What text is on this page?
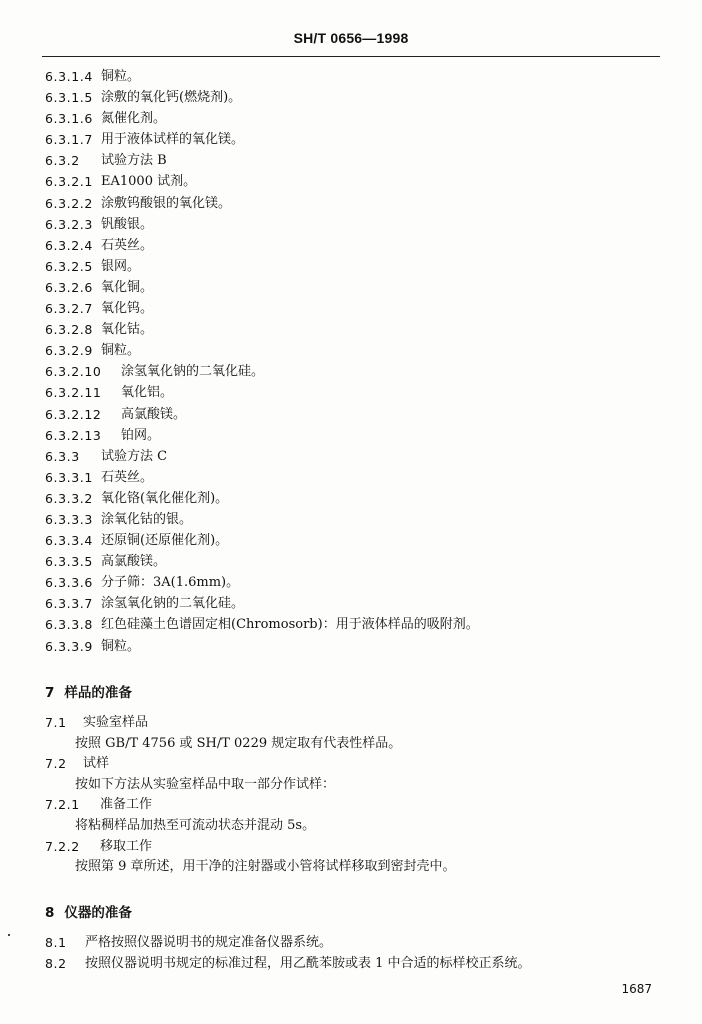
SH/T 0656—1998
6.3.1.4 铜粒。
6.3.1.5 涂敷的氧化钙(燃烧剂)。
6.3.1.6 氮催化剂。
6.3.1.7 用于液体试样的氧化镁。
6.3.2 试验方法 B
6.3.2.1 EA1000 试剂。
6.3.2.2 涂敷钨酸银的氧化镁。
6.3.2.3 钒酸银。
6.3.2.4 石英丝。
6.3.2.5 银网。
6.3.2.6 氧化铜。
6.3.2.7 氧化钨。
6.3.2.8 氧化钴。
6.3.2.9 铜粒。
6.3.2.10 涂氢氧化钠的二氧化硅。
6.3.2.11 氧化铝。
6.3.2.12 高氯酸镁。
6.3.2.13 铂网。
6.3.3 试验方法 C
6.3.3.1 石英丝。
6.3.3.2 氧化铬(氧化催化剂)。
6.3.3.3 涂氧化钴的银。
6.3.3.4 还原铜(还原催化剂)。
6.3.3.5 高氯酸镁。
6.3.3.6 分子筛：3A(1.6mm)。
6.3.3.7 涂氢氧化钠的二氧化硅。
6.3.3.8 红色硅藻土色谱固定相(Chromosorb)：用于液体样品的吸附剂。
6.3.3.9 铜粒。
7 样品的准备
7.1 实验室样品
按照 GB/T 4756 或 SH/T 0229 规定取有代表性样品。
7.2 试样
按如下方法从实验室样品中取一部分作试样：
7.2.1 准备工作
将粘稠样品加热至可流动状态并混动 5s。
7.2.2 移取工作
按照第 9 章所述，用干净的注射器或小管将试样移取到密封壳中。
8 仪器的准备
8.1 严格按照仪器说明书的规定准备仪器系统。
8.2 按照仪器说明书规定的标准过程，用乙酰苯胺或表 1 中合适的标样校正系统。
1687
